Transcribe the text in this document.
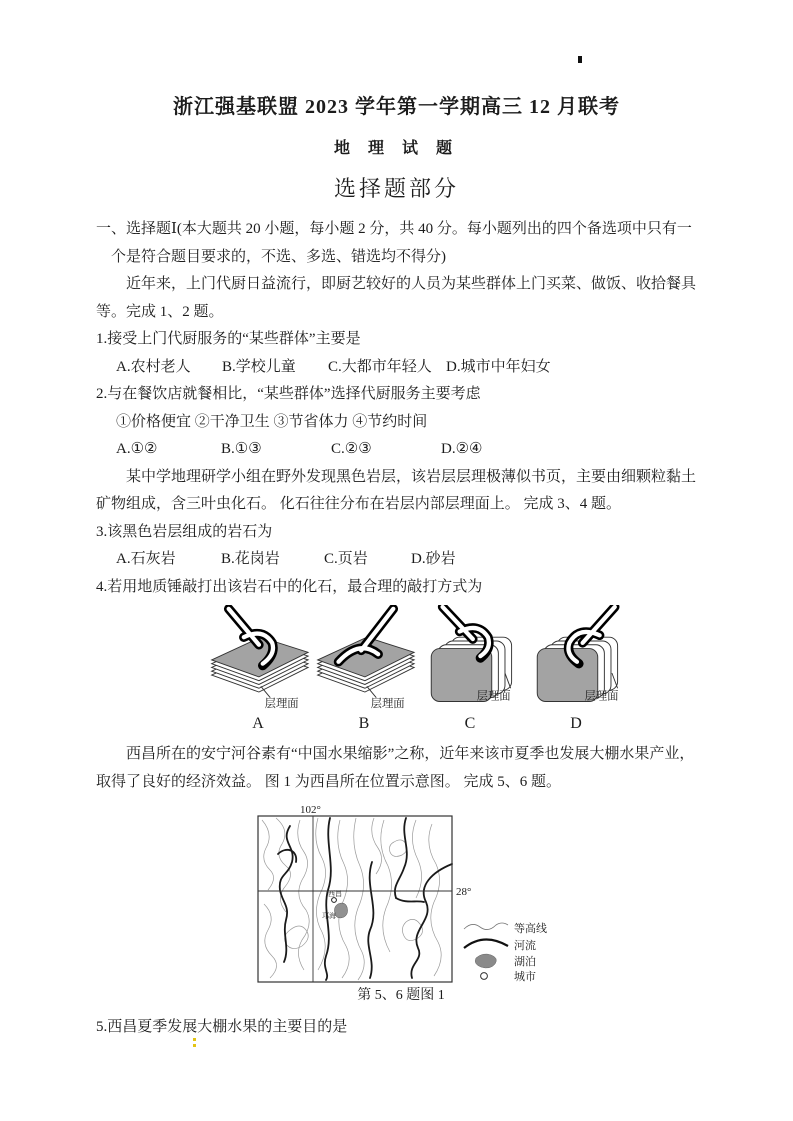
浙江强基联盟 2023 学年第一学期高三 12 月联考
地 理 试 题
选择题部分
一、选择题Ⅰ(本大题共 20 小题，每小题 2 分，共 40 分。每小题列出的四个备选项中只有一
个是符合题目要求的，不选、多选、错选均不得分)
近年来，上门代厨日益流行，即厨艺较好的人员为某些群体上门买菜、做饭、收拾餐具
等。完成 1、2 题。
1.接受上门代厨服务的“某些群体”主要是
A.农村老人 B.学校儿童 C.大都市年轻人 D.城市中年妇女
2.与在餐饮店就餐相比，“某些群体”选择代厨服务主要考虑
①价格便宜 ②干净卫生 ③节省体力 ④节约时间
A.①②	B.①③	C.②③	D.②④
某中学地理研学小组在野外发现黑色岩层，该岩层层理极薄似书页，主要由细颗粒黏土
矿物组成，含三叶虫化石。 化石往往分布在岩层内部层理面上。 完成 3、4 题。
3.该黑色岩层组成的岩石为
A.石灰岩	B.花岗岩	C.页岩	D.砂岩
4.若用地质锤敲打出该岩石中的化石，最合理的敲打方式为
层理面
A
层理面
B
层理面
C
层理面
D
西昌所在的安宁河谷素有“中国水果缩影”之称，近年来该市夏季也发展大棚水果产业，
取得了良好的经济效益。 图 1 为西昌所在位置示意图。 完成 5、6 题。
102°
28°
西昌
邛海
等高线
河流
湖泊
城市
第 5、6 题图 1
5.西昌夏季发展大棚水果的主要目的是
